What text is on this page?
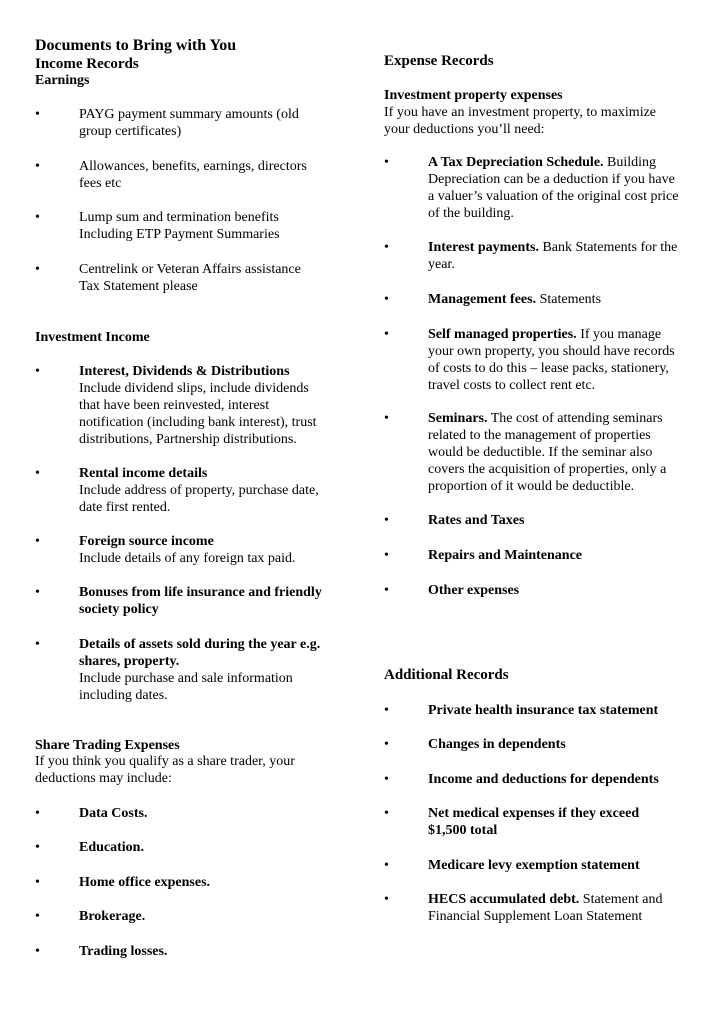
Documents to Bring with You
Income Records
Earnings
•	PAYG payment summary amounts (old
group certificates)
•	Allowances, benefits, earnings, directors
fees etc
•	Lump sum and termination benefits
Including ETP Payment Summaries
•	Centrelink or Veteran Affairs assistance
Tax Statement please
Investment Income
•	Interest, Dividends & Distributions
Include dividend slips, include dividends
that have been reinvested, interest
notification (including bank interest), trust
distributions, Partnership distributions.
•	Rental income details
Include address of property, purchase date,
date first rented.
•	Foreign source income
Include details of any foreign tax paid.
•	Bonuses from life insurance and friendly
society policy
•	Details of assets sold during the year e.g.
shares, property.
Include purchase and sale information
including dates.
Share Trading Expenses
If you think you qualify as a share trader, your
deductions may include:
•	Data Costs.
•	Education.
•	Home office expenses.
•	Brokerage.
•	Trading losses.
Expense Records
Investment property expenses
If you have an investment property, to maximize
your deductions you’ll need:
•	A Tax Depreciation Schedule. Building
Depreciation can be a deduction if you have
a valuer’s valuation of the original cost price
of the building.
•	Interest payments. Bank Statements for the
year.
•	Management fees. Statements
•	Self managed properties. If you manage
your own property, you should have records
of costs to do this – lease packs, stationery,
travel costs to collect rent etc.
•	Seminars. The cost of attending seminars
related to the management of properties
would be deductible. If the seminar also
covers the acquisition of properties, only a
proportion of it would be deductible.
•	Rates and Taxes
•	Repairs and Maintenance
•	Other expenses
Additional Records
•	Private health insurance tax statement
•	Changes in dependents
•	Income and deductions for dependents
•	Net medical expenses if they exceed
$1,500 total
•	Medicare levy exemption statement
•	HECS accumulated debt. Statement and
Financial Supplement Loan Statement
